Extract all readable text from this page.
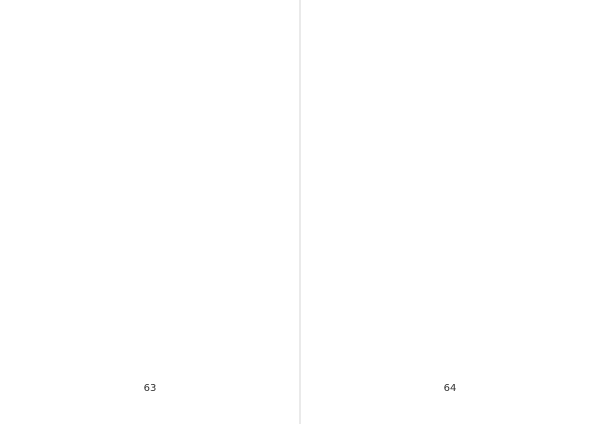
63	64
